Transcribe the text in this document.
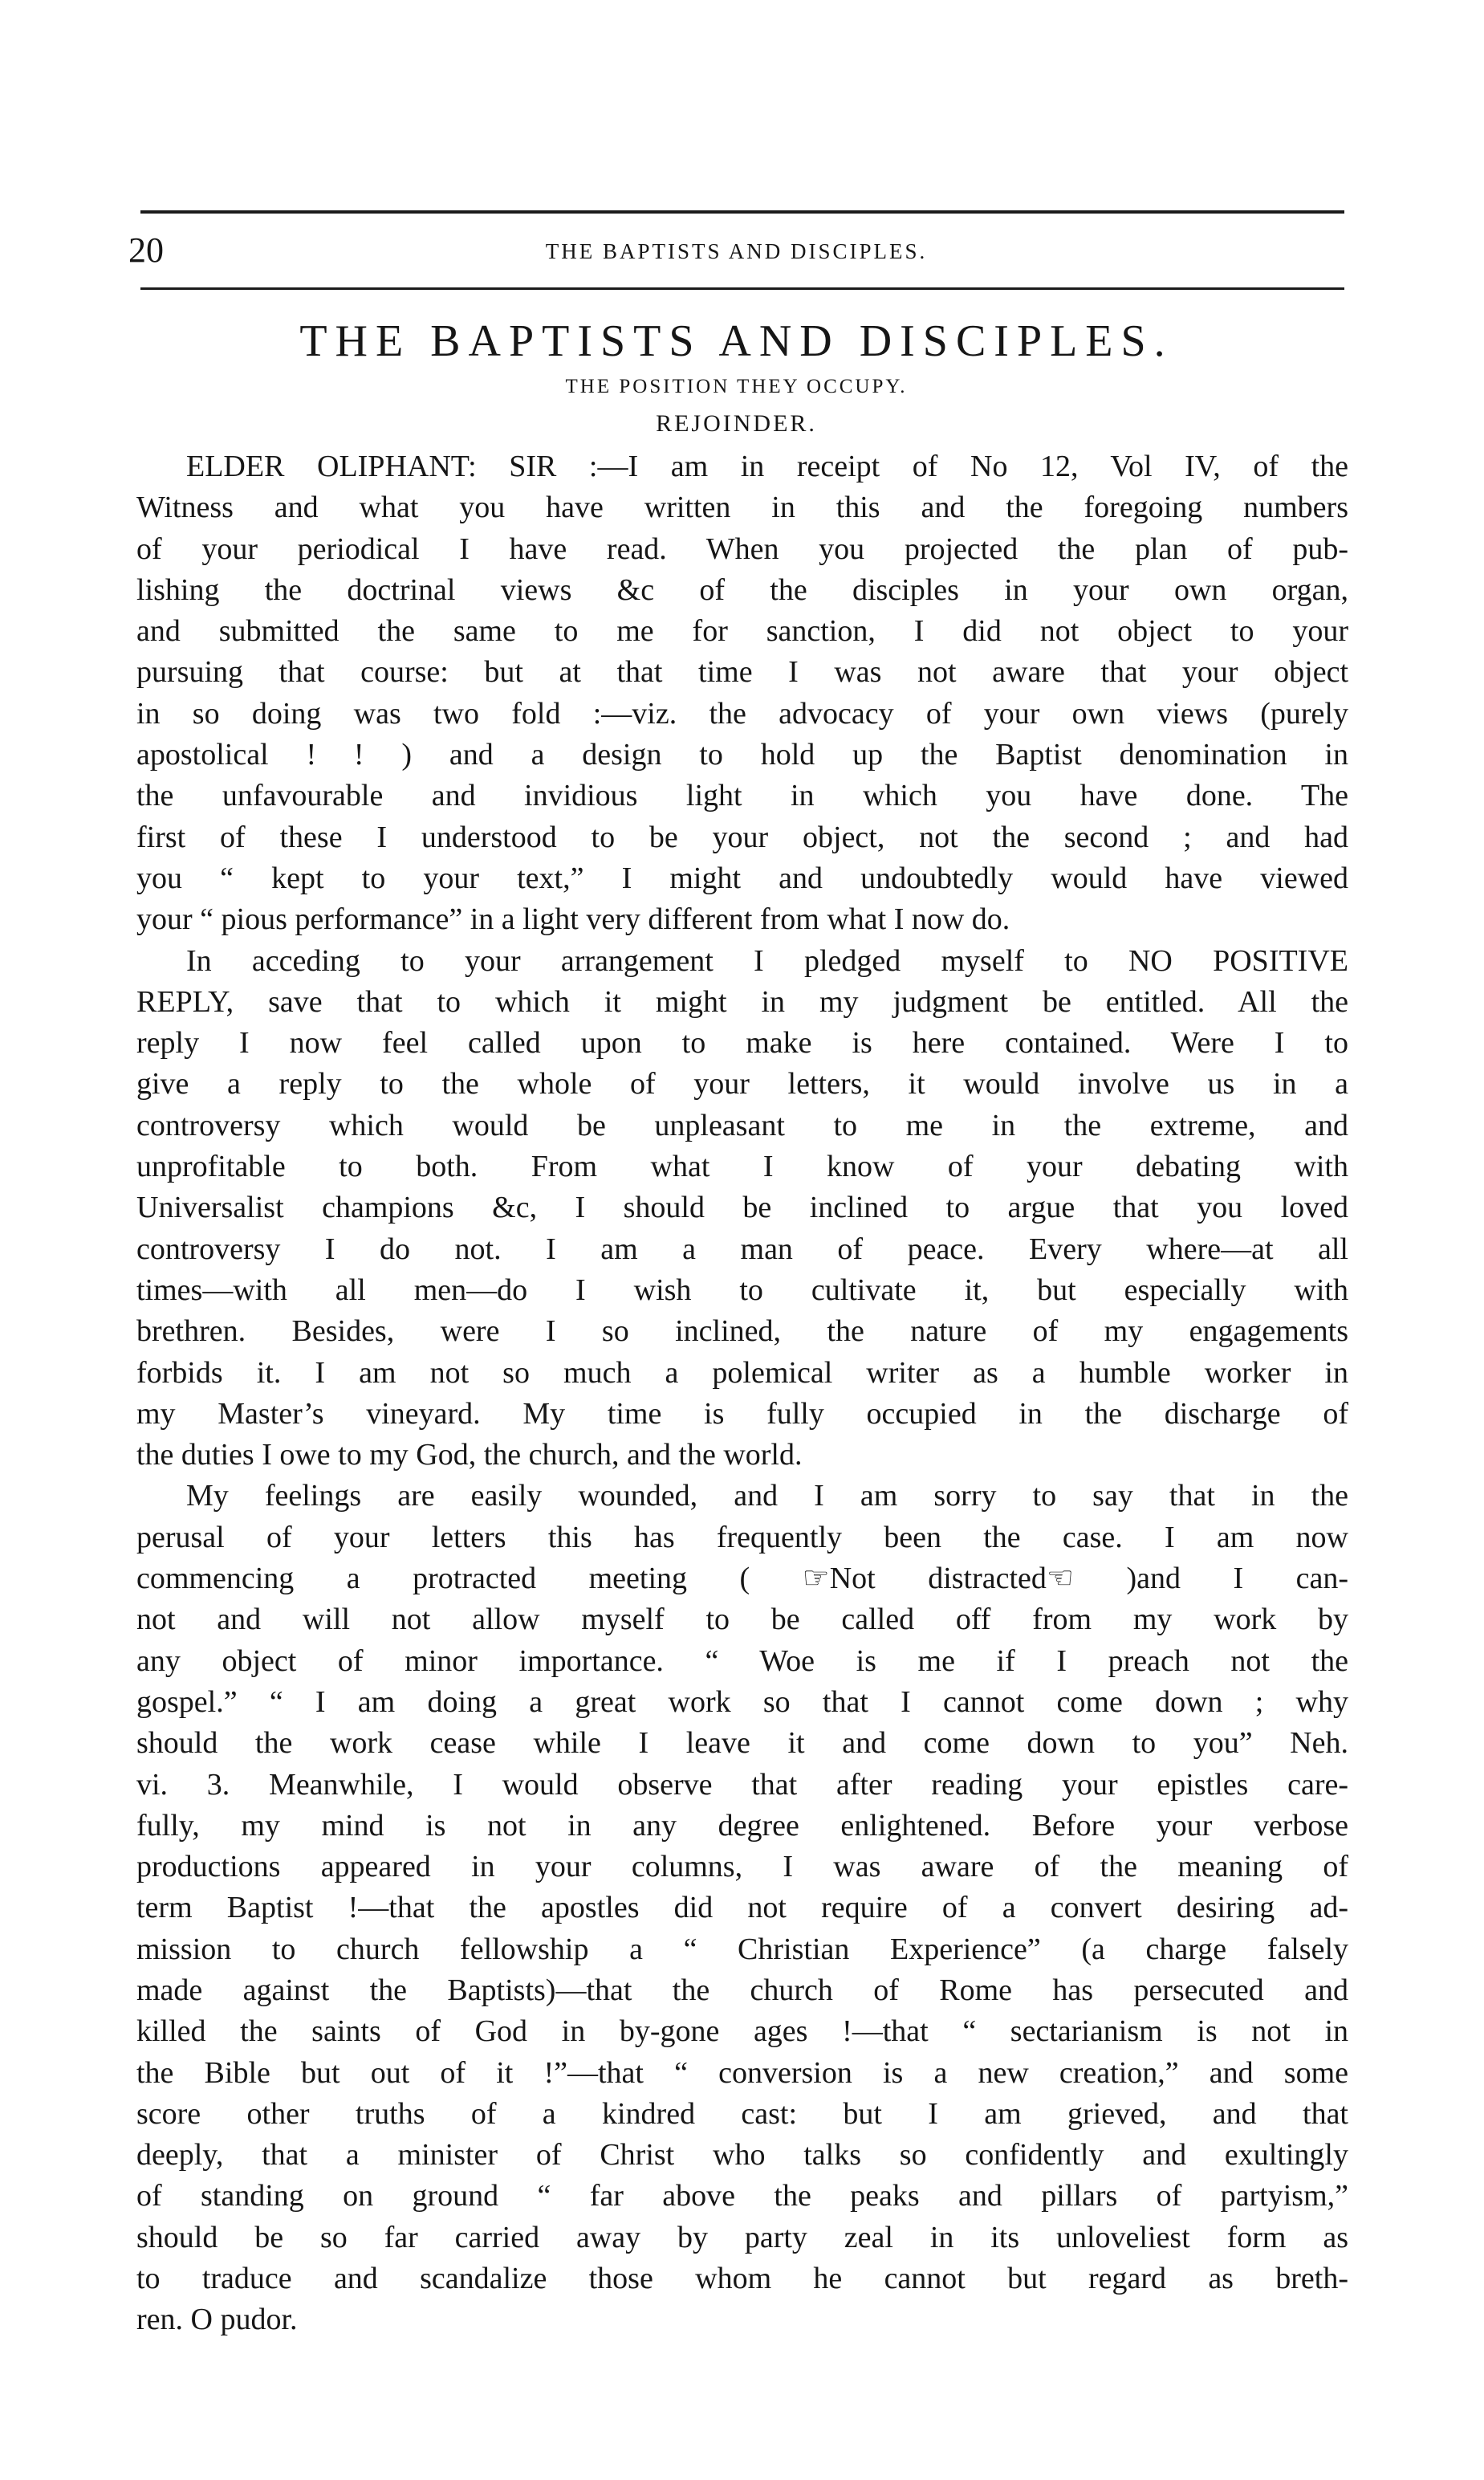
20	THE BAPTISTS AND DISCIPLES.
THE BAPTISTS AND DISCIPLES.
THE POSITION THEY OCCUPY.
REJOINDER.
ELDER OLIPHANT: SIR :—I am in receipt of No 12, Vol IV, of the
Witness and what you have written in this and the foregoing numbers
of your periodical I have read. When you projected the plan of pub-
lishing the doctrinal views &c of the disciples in your own organ,
and submitted the same to me for sanction, I did not object to your
pursuing that course: but at that time I was not aware that your object
in so doing was two fold :—viz. the advocacy of your own views (purely
apostolical ! ! ) and a design to hold up the Baptist denomination in
the unfavourable and invidious light in which you have done. The
first of these I understood to be your object, not the second ; and had
you “ kept to your text,” I might and undoubtedly would have viewed
your “ pious performance” in a light very different from what I now do.
In acceding to your arrangement I pledged myself to NO POSITIVE
REPLY, save that to which it might in my judgment be entitled. All the
reply I now feel called upon to make is here contained. Were I to
give a reply to the whole of your letters, it would involve us in a
controversy which would be unpleasant to me in the extreme, and
unprofitable to both. From what I know of your debating with
Universalist champions &c, I should be inclined to argue that you loved
controversy I do not. I am a man of peace. Every where—at all
times—with all men—do I wish to cultivate it, but especially with
brethren. Besides, were I so inclined, the nature of my engagements
forbids it. I am not so much a polemical writer as a humble worker in
my Master’s vineyard. My time is fully occupied in the discharge of
the duties I owe to my God, the church, and the world.
My feelings are easily wounded, and I am sorry to say that in the
perusal of your letters this has frequently been the case. I am now
commencing a protracted meeting ( ☞Not distracted☜ )and I can-
not and will not allow myself to be called off from my work by
any object of minor importance. “ Woe is me if I preach not the
gospel.” “ I am doing a great work so that I cannot come down ; why
should the work cease while I leave it and come down to you” Neh.
vi. 3. Meanwhile, I would observe that after reading your epistles care-
fully, my mind is not in any degree enlightened. Before your verbose
productions appeared in your columns, I was aware of the meaning of
term Baptist !—that the apostles did not require of a convert desiring ad-
mission to church fellowship a “ Christian Experience” (a charge falsely
made against the Baptists)—that the church of Rome has persecuted and
killed the saints of God in by-gone ages !—that “ sectarianism is not in
the Bible but out of it !”—that “ conversion is a new creation,” and some
score other truths of a kindred cast: but I am grieved, and that
deeply, that a minister of Christ who talks so confidently and exultingly
of standing on ground “ far above the peaks and pillars of partyism,”
should be so far carried away by party zeal in its unloveliest form as
to traduce and scandalize those whom he cannot but regard as breth-
ren. O pudor.
